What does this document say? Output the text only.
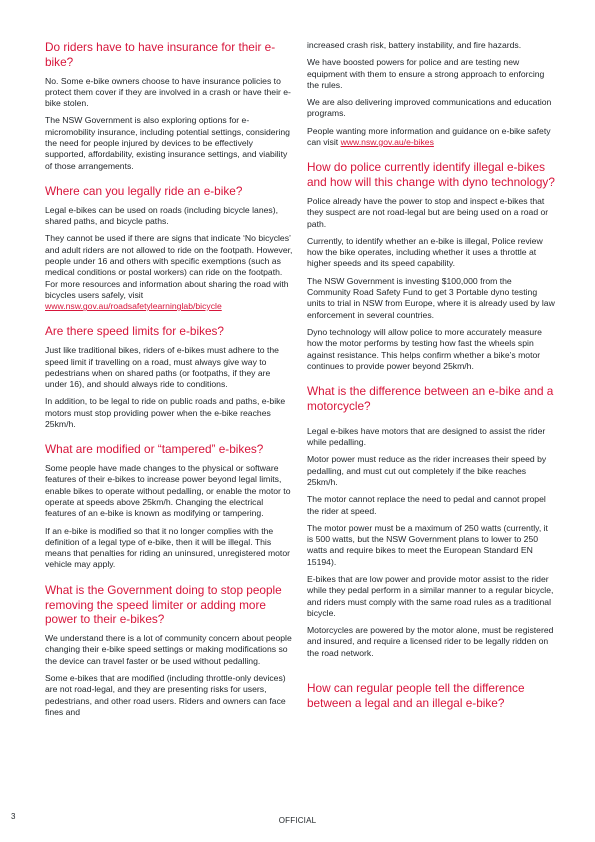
Do riders have to have insurance for their e-bike?

No. Some e-bike owners choose to have insurance policies to protect them cover if they are involved in a crash or have their e-bike stolen.

The NSW Government is also exploring options for e-micromobility insurance, including potential settings, considering the need for people injured by devices to be effectively supported, affordability, existing insurance settings, and viability of those arrangements.

Where can you legally ride an e-bike?

Legal e-bikes can be used on roads (including bicycle lanes), shared paths, and bicycle paths.

They cannot be used if there are signs that indicate ‘No bicycles’ and adult riders are not allowed to ride on the footpath. However, people under 16 and others with specific exemptions (such as medical conditions or postal workers) can ride on the footpath. For more resources and information about sharing the road with bicycles users safely, visit www.nsw.gov.au/roadsafetylearninglab/bicycle

Are there speed limits for e-bikes?

Just like traditional bikes, riders of e-bikes must adhere to the speed limit if travelling on a road, must always give way to pedestrians when on shared paths (or footpaths, if they are under 16), and should always ride to conditions.

In addition, to be legal to ride on public roads and paths, e-bike motors must stop providing power when the e-bike reaches 25km/h.

What are modified or “tampered” e-bikes?

Some people have made changes to the physical or software features of their e-bikes to increase power beyond legal limits, enable bikes to operate without pedalling, or enable the motor to operate at speeds above 25km/h. Changing the electrical features of an e-bike is known as modifying or tampering.

If an e-bike is modified so that it no longer complies with the definition of a legal type of e-bike, then it will be illegal. This means that penalties for riding an uninsured, unregistered motor vehicle may apply.

What is the Government doing to stop people removing the speed limiter or adding more power to their e-bikes?

We understand there is a lot of community concern about people changing their e-bike speed settings or making modifications so the device can travel faster or be used without pedalling.

Some e-bikes that are modified (including throttle-only devices) are not road-legal, and they are presenting risks for users, pedestrians, and other road users. Riders and owners can face fines and

increased crash risk, battery instability, and fire hazards.

We have boosted powers for police and are testing new equipment with them to ensure a strong approach to enforcing the rules.

We are also delivering improved communications and education programs.

People wanting more information and guidance on e-bike safety can visit www.nsw.gov.au/e-bikes

How do police currently identify illegal e-bikes and how will this change with dyno technology?

Police already have the power to stop and inspect e-bikes that they suspect are not road-legal but are being used on a road or path.

Currently, to identify whether an e-bike is illegal, Police review how the bike operates, including whether it uses a throttle at higher speeds and its speed capability.

The NSW Government is investing $100,000 from the Community Road Safety Fund to get 3 Portable dyno testing units to trial in NSW from Europe, where it is already used by law enforcement in several countries.

Dyno technology will allow police to more accurately measure how the motor performs by testing how fast the wheels spin against resistance. This helps confirm whether a bike’s motor continues to provide power beyond 25km/h.

What is the difference between an e-bike and a motorcycle?

Legal e-bikes have motors that are designed to assist the rider while pedalling.

Motor power must reduce as the rider increases their speed by pedalling, and must cut out completely if the bike reaches 25km/h.

The motor cannot replace the need to pedal and cannot propel the rider at speed.

The motor power must be a maximum of 250 watts (currently, it is 500 watts, but the NSW Government plans to lower to 250 watts and require bikes to meet the European Standard EN 15194).

E-bikes that are low power and provide motor assist to the rider while they pedal perform in a similar manner to a regular bicycle, and riders must comply with the same road rules as a traditional bicycle.

Motorcycles are powered by the motor alone, must be registered and insured, and require a licensed rider to be legally ridden on the road network.

How can regular people tell the difference between a legal and an illegal e-bike?
3	OFFICIAL
